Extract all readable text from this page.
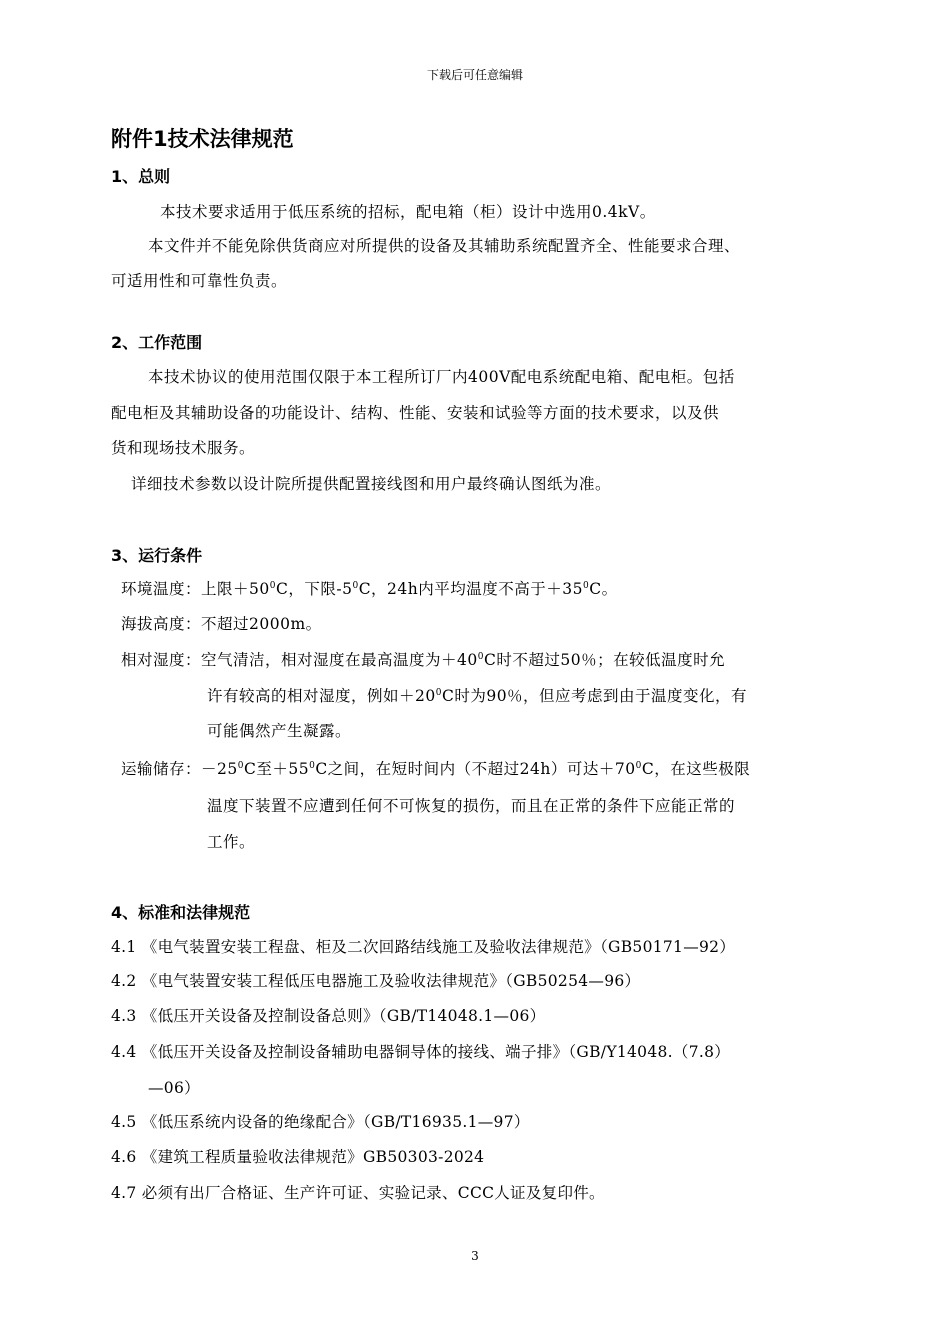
下载后可任意编辑
附件1技术法律规范
1、总则
本技术要求适用于低压系统的招标，配电箱（柜）设计中选用0.4kV。
本文件并不能免除供货商应对所提供的设备及其辅助系统配置齐全、性能要求合理、
可适用性和可靠性负责。
2、工作范围
本技术协议的使用范围仅限于本工程所订厂内400V配电系统配电箱、配电柜。包括
配电柜及其辅助设备的功能设计、结构、性能、安装和试验等方面的技术要求，以及供
货和现场技术服务。
详细技术参数以设计院所提供配置接线图和用户最终确认图纸为准。
3、运行条件
环境温度：上限$+50^0C$，下限$-5^0C$，24h内平均温度不高于$+35^0C$。
海拔高度：不超过2000m。
相对湿度：空气清洁，相对湿度在最高温度为$+40^0C$时不超过50％；在较低温度时允
许有较高的相对湿度，例如$+20^0C$时为90％，但应考虑到由于温度变化，有
可能偶然产生凝露。
运输储存：$-25^0C$至$+55^0C$之间，在短时间内（不超过24h）可达$+70^0C$，在这些极限
温度下装置不应遭到任何不可恢复的损伤，而且在正常的条件下应能正常的
工作。
4、标准和法律规范
4.1 《电气装置安装工程盘、柜及二次回路结线施工及验收法律规范》（GB50171—92）
4.2 《电气装置安装工程低压电器施工及验收法律规范》（GB50254—96）
4.3 《低压开关设备及控制设备总则》（GB/T14048.1—06）
4.4 《低压开关设备及控制设备辅助电器铜导体的接线、端子排》（GB/Y14048.（7.8）
—06）
4.5 《低压系统内设备的绝缘配合》（GB/T16935.1—97）
4.6 《建筑工程质量验收法律规范》GB50303-2024
4.7 必须有出厂合格证、生产许可证、实验记录、CCC人证及复印件。
3
